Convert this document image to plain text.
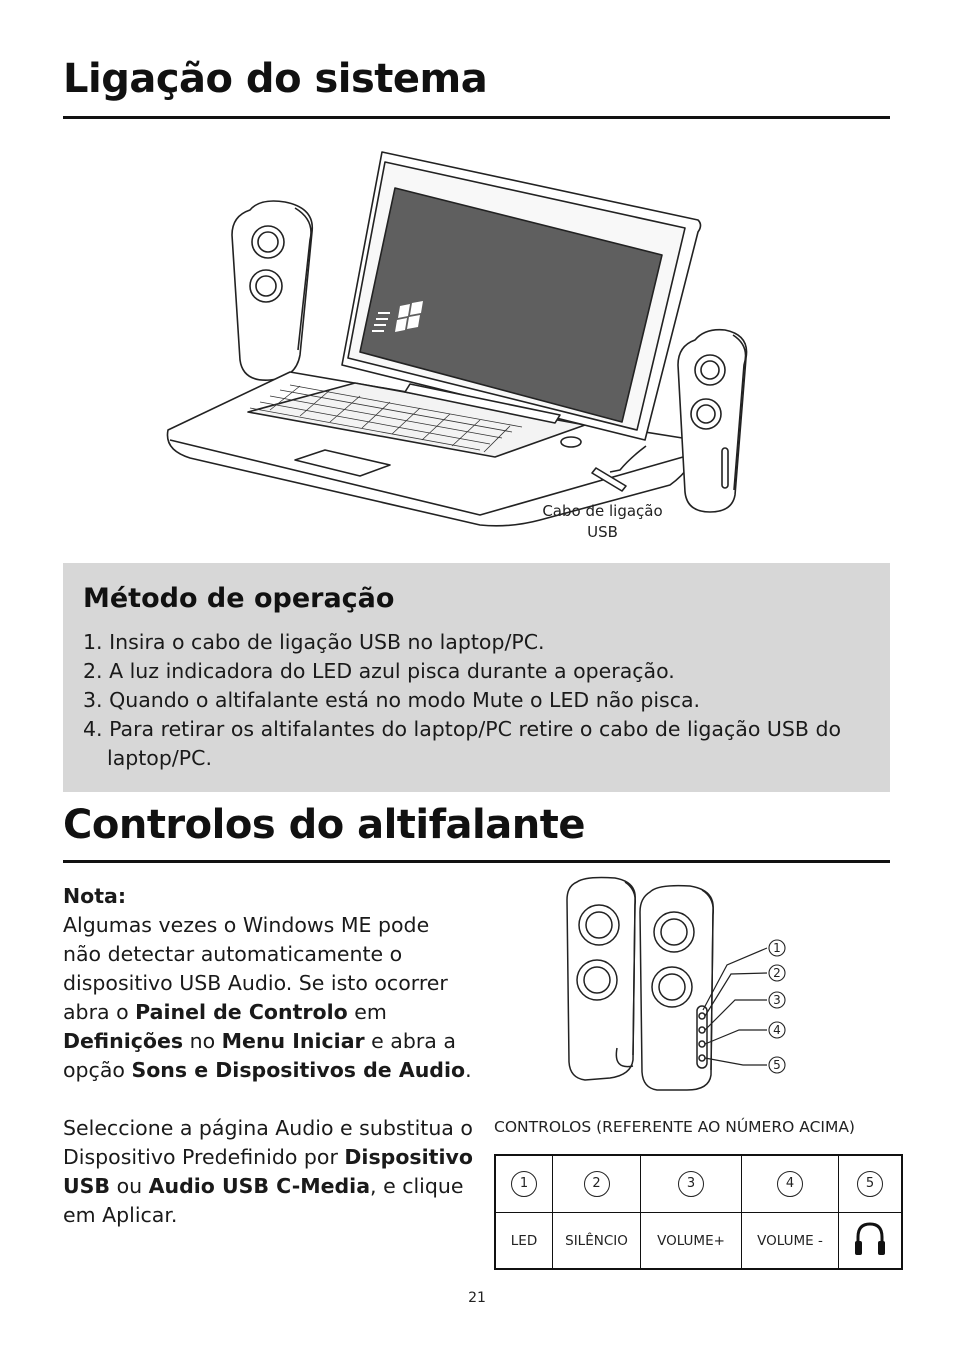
Ligação do sistema
Cabo de ligação
USB
Método de operação
1. Insira o cabo de ligação USB no laptop/PC.
2. A luz indicadora do LED azul pisca durante a operação.
3. Quando o altifalante está no modo Mute o LED não pisca.
4. Para retirar os altifalantes do laptop/PC retire o cabo de ligação USB do laptop/PC.
Controlos do altifalante

Nota:

Algumas vezes o Windows ME pode não detectar automaticamente o dispositivo USB Audio. Se isto ocorrer abra o Painel de Controlo em Definições no Menu Iniciar e abra a opção Sons e Dispositivos de Audio.

Seleccione a página Audio e substitua o Dispositivo Predefinido por Dispositivo USB ou Audio USB C-Media, e clique em Aplicar.

1
2
3
4
5
CONTROLOS (REFERENTE AO NÚMERO ACIMA)
1	2	3	4	5
LED	SILÊNCIO	VOLUME+	VOLUME -	
21
